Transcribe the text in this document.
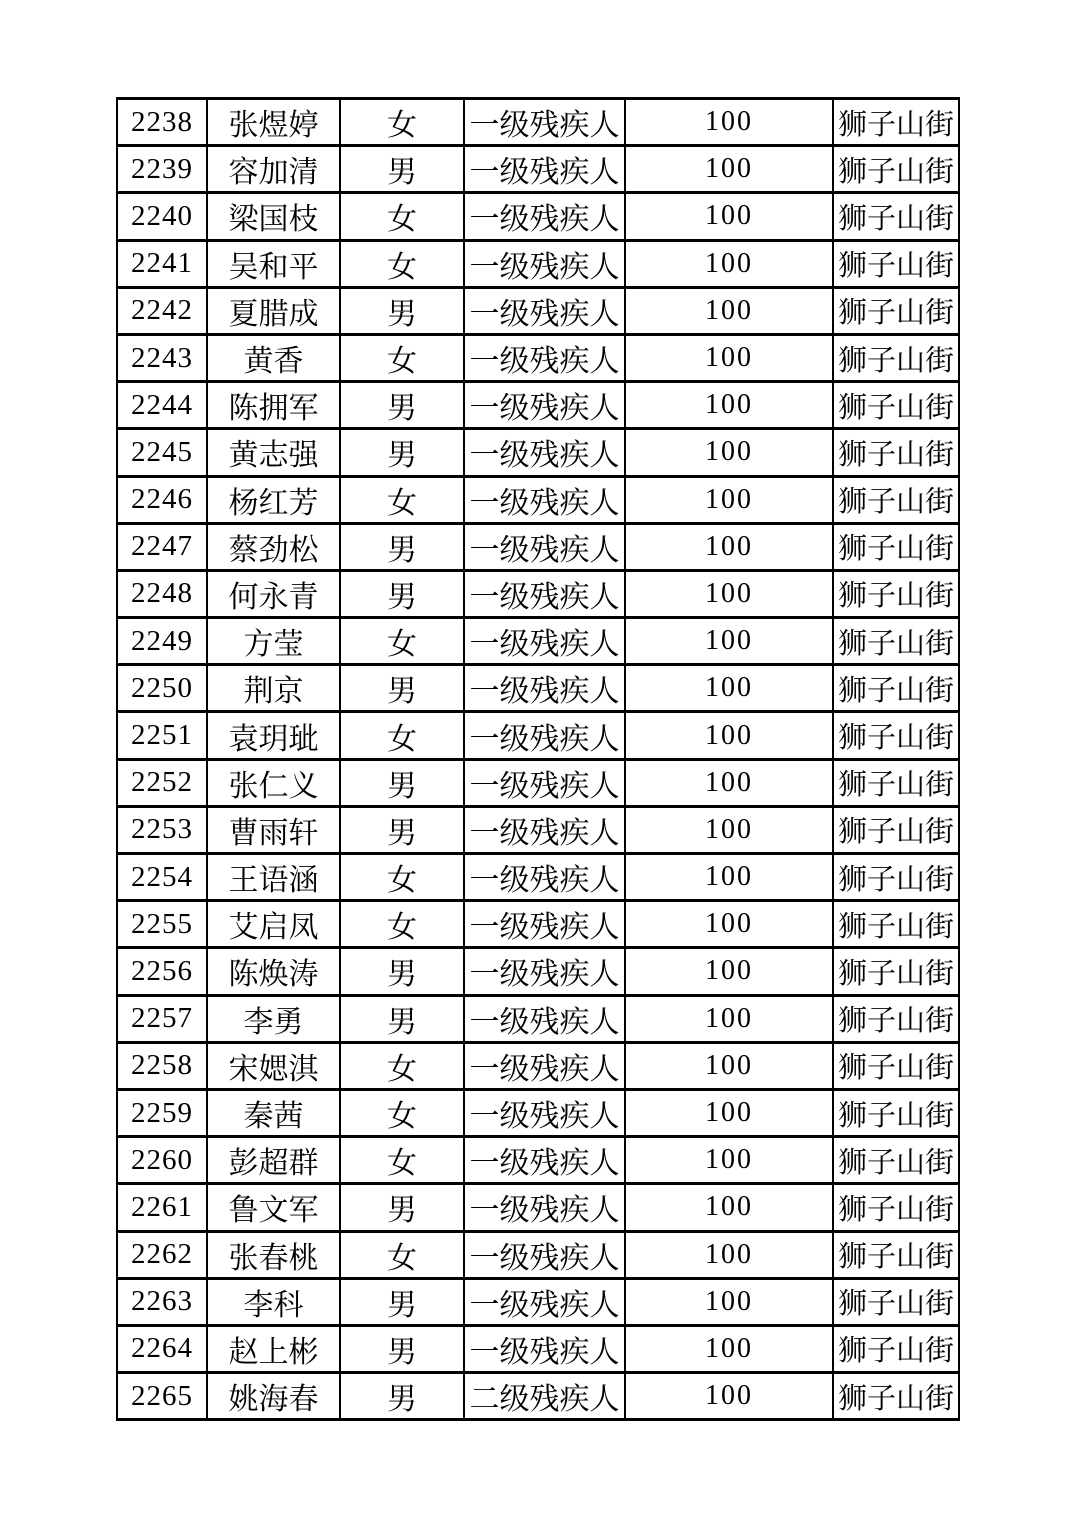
2238	张煜婷	女	一级残疾人	100	狮子山街
2239	容加清	男	一级残疾人	100	狮子山街
2240	梁国枝	女	一级残疾人	100	狮子山街
2241	吴和平	女	一级残疾人	100	狮子山街
2242	夏腊成	男	一级残疾人	100	狮子山街
2243	黄香	女	一级残疾人	100	狮子山街
2244	陈拥军	男	一级残疾人	100	狮子山街
2245	黄志强	男	一级残疾人	100	狮子山街
2246	杨红芳	女	一级残疾人	100	狮子山街
2247	蔡劲松	男	一级残疾人	100	狮子山街
2248	何永青	男	一级残疾人	100	狮子山街
2249	方莹	女	一级残疾人	100	狮子山街
2250	荆京	男	一级残疾人	100	狮子山街
2251	袁玥玼	女	一级残疾人	100	狮子山街
2252	张仁义	男	一级残疾人	100	狮子山街
2253	曹雨轩	男	一级残疾人	100	狮子山街
2254	王语涵	女	一级残疾人	100	狮子山街
2255	艾启凤	女	一级残疾人	100	狮子山街
2256	陈焕涛	男	一级残疾人	100	狮子山街
2257	李勇	男	一级残疾人	100	狮子山街
2258	宋媤淇	女	一级残疾人	100	狮子山街
2259	秦茜	女	一级残疾人	100	狮子山街
2260	彭超群	女	一级残疾人	100	狮子山街
2261	鲁文军	男	一级残疾人	100	狮子山街
2262	张春桃	女	一级残疾人	100	狮子山街
2263	李科	男	一级残疾人	100	狮子山街
2264	赵上彬	男	一级残疾人	100	狮子山街
2265	姚海春	男	二级残疾人	100	狮子山街
